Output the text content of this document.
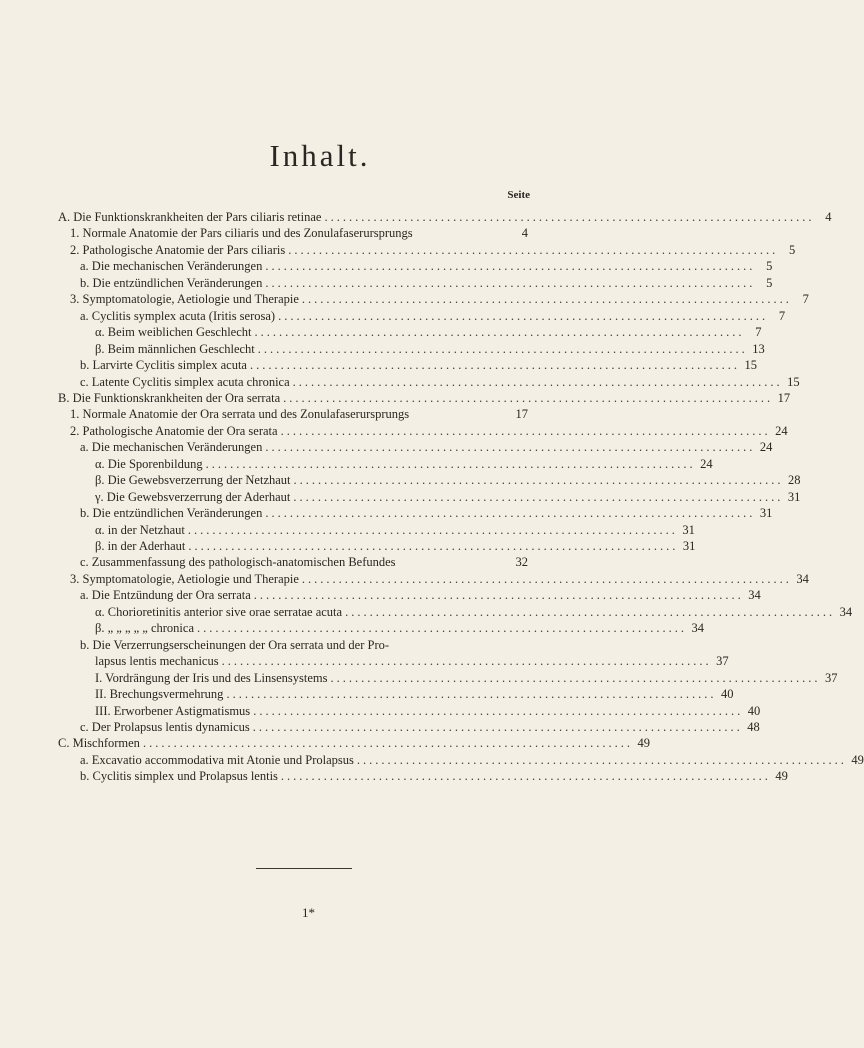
Inhalt.
Seite
A. Die Funktionskrankheiten der Pars ciliaris retinae ................................................................................ 4
1. Normale Anatomie der Pars ciliaris und des Zonulafaserursprungs	4
2. Pathologische Anatomie der Pars ciliaris ................................................................................ 5
a. Die mechanischen Veränderungen ................................................................................ 5
b. Die entzündlichen Veränderungen ................................................................................ 5
3. Symptomatologie, Aetiologie und Therapie ................................................................................ 7
a. Cyclitis symplex acuta (Iritis serosa) ................................................................................ 7
α. Beim weiblichen Geschlecht ................................................................................ 7
β. Beim männlichen Geschlecht ................................................................................ 13
b. Larvirte Cyclitis simplex acuta ................................................................................ 15
c. Latente Cyclitis simplex acuta chronica ................................................................................ 15
B. Die Funktionskrankheiten der Ora serrata ................................................................................ 17
1. Normale Anatomie der Ora serrata und des Zonulafaserursprungs	17
2. Pathologische Anatomie der Ora serata ................................................................................ 24
a. Die mechanischen Veränderungen ................................................................................ 24
α. Die Sporenbildung ................................................................................ 24
β. Die Gewebsverzerrung der Netzhaut ................................................................................ 28
γ. Die Gewebsverzerrung der Aderhaut ................................................................................ 31
b. Die entzündlichen Veränderungen ................................................................................ 31
α. in der Netzhaut ................................................................................ 31
β. in der Aderhaut ................................................................................ 31
c. Zusammenfassung des pathologisch-anatomischen Befundes	32
3. Symptomatologie, Aetiologie und Therapie ................................................................................ 34
a. Die Entzündung der Ora serrata ................................................................................ 34
α. Chorioretinitis anterior sive orae serratae acuta ................................................................................ 34
β. „ „ „ „ „ chronica ................................................................................ 34
b. Die Verzerrungserscheinungen der Ora serrata und der Pro-
lapsus lentis mechanicus ................................................................................ 37
I. Vordrängung der Iris und des Linsensystems ................................................................................ 37
II. Brechungsvermehrung ................................................................................ 40
III. Erworbener Astigmatismus ................................................................................ 40
c. Der Prolapsus lentis dynamicus ................................................................................ 48
C. Mischformen ................................................................................ 49
a. Excavatio accommodativa mit Atonie und Prolapsus ................................................................................ 49
b. Cyclitis simplex und Prolapsus lentis ................................................................................ 49
1*
